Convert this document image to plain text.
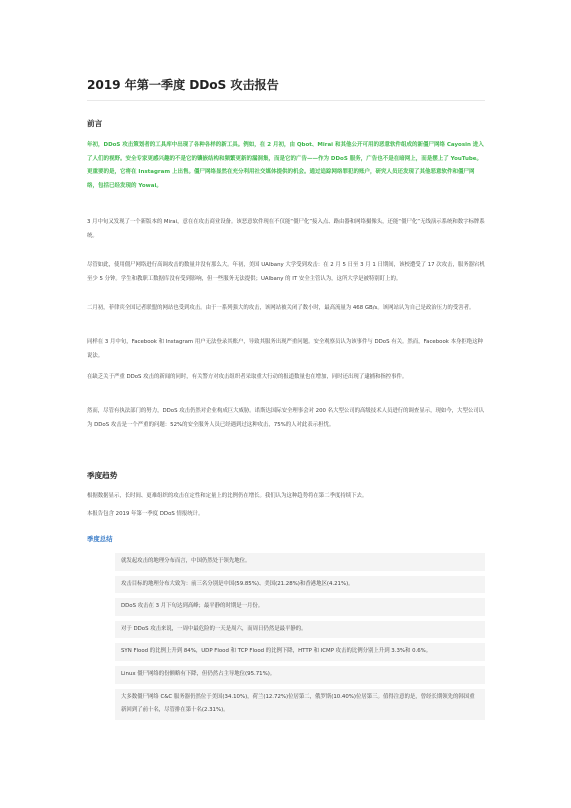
2019 年第一季度 DDoS 攻击报告
前言
年初，DDoS 攻击策划者的工具库中出现了各种各样的新工具。例如，在 2 月初，由 Qbot、Mirai 和其他公开可用的恶意软件组成的新僵尸网络 Cayosin 进入了人们的视野。安全专家更感兴趣的不是它的镶嵌结构和频繁更新的漏洞集，而是它的广告——作为 DDoS 服务，广告也不是在暗网上，而是摆上了 YouTube。更重要的是，它将在 Instagram 上出售。僵尸网络显然在充分利用社交媒体提供的机会。通过追踪网络罪犯的账户，研究人员还发现了其他恶意软件和僵尸网络，包括已经发现的 Yowai。
3 月中旬又发现了一个新版本的 Mirai，意在在攻击商业设备。该恶意软件现在不仅能“僵尸化”接入点、路由器和网络摄像头，还能“僵尸化”无线演示系统和数字标牌系统。
尽管如此，使用僵尸网络进行高调攻击的数量并没有那么大。年初，美国 UAlbany 大学受到攻击：在 2 月 5 日至 3 月 1 日期间，该校遭受了 17 次攻击，服务器宕机至少 5 分钟。学生和教职工数据库没有受到影响，但一些服务无法提供；UAlbany 的 IT 安全主管认为，这所大学是被特别盯上的。
二月初，菲律宾全国记者联盟的网站也受到攻击。由于一系列强大的攻击，该网站被关闭了数小时，最高流量为 468 GB/s。该网站认为自己是政治压力的受害者。
同样在 3 月中旬，Facebook 和 Instagram 用户无法登录其账户，导致其服务出现严重问题。安全观察员认为该事件与 DDoS 有关。然而，Facebook 本身拒绝这种说法。
在缺乏关于严重 DDoS 攻击的新闻的同时，有关警方对攻击组织者采取重大行动的报道数量也在增加，同时还出现了逮捕和指控事件。
然而，尽管有执法部门的努力，DDoS 攻击仍然对企业构成巨大威胁。诺斯达国际安全理事会对 200 名大型公司的高级技术人员进行的调查显示，现如今，大型公司认为 DDoS 攻击是一个严重的问题：52%的安全服务人员已经遇到过这种攻击，75%的人对此表示担忧。
季度趋势
根据数据显示，长时间、更难组织的攻击在定性和定量上的比例仍在增长。我们认为这种趋势将在第二季度持续下去。
本报告包含 2019 年第一季度 DDoS 情报统计。
季度总结
就发起攻击的地理分布而言，中国仍然处于领先地位。
攻击目标的地理分布大致为：前三名分别是中国(59.85%)、美国(21.28%)和香港地区(4.21%)。
DDoS 攻击在 3 月下旬达到高峰；最平静的时期是一月份。
对于 DDoS 攻击来说，一周中最危险的一天是周六，而周日仍然是最平静的。
SYN Flood 的比例上升到 84%，UDP Flood 和 TCP Flood 的比例下降，HTTP 和 ICMP 攻击的比例分别上升到 3.3%和 0.6%。
Linux 僵尸网络的份额略有下降，但仍然占主导地位(95.71%)。
大多数僵尸网络 C&C 服务器仍然位于美国(34.10%)，荷兰(12.72%)位居第二，俄罗斯(10.40%)位居第三。值得注意的是，曾经长期领先的韩国重新回到了前十名，尽管排在第十名(2.31%)。
